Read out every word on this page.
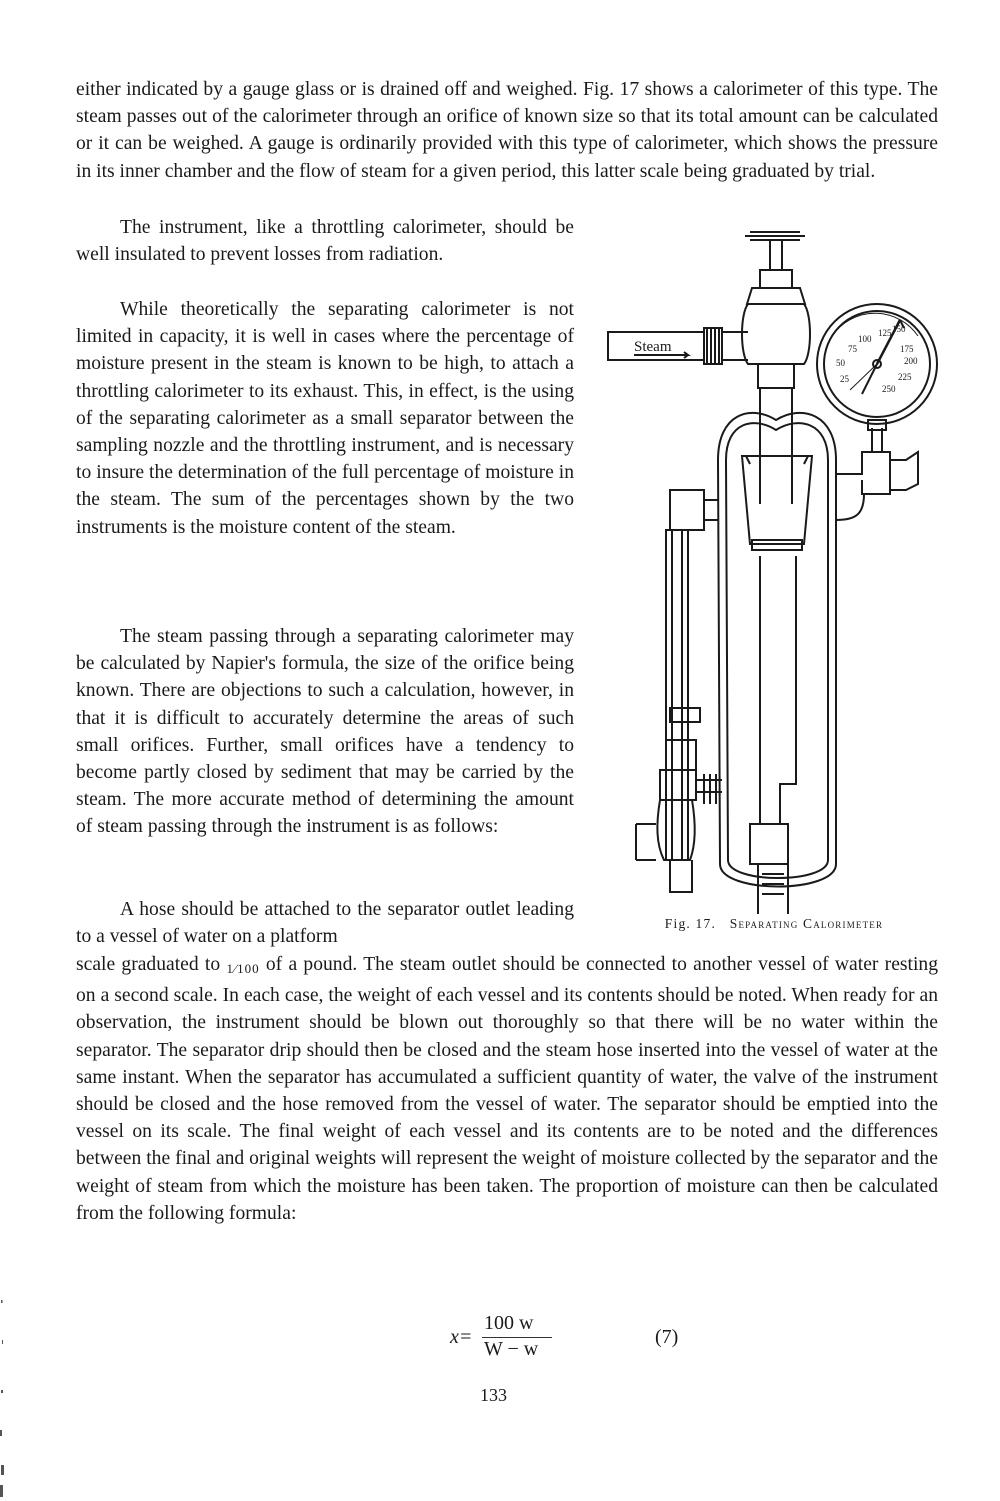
either indicated by a gauge glass or is drained off and weighed. Fig. 17 shows a calorimeter of this type. The steam passes out of the calorimeter through an orifice of known size so that its total amount can be calculated or it can be weighed. A gauge is ordinarily provided with this type of calorimeter, which shows the pressure in its inner chamber and the flow of steam for a given period, this latter scale being graduated by trial.

The instrument, like a throttling calorimeter, should be well insulated to prevent losses from radiation.

While theoretically the separating calorimeter is not limited in capacity, it is well in cases where the percentage of moisture present in the steam is known to be high, to attach a throttling calorimeter to its exhaust. This, in effect, is the using of the separating calorimeter as a small separator between the sampling nozzle and the throttling instrument, and is necessary to insure the determination of the full percentage of moisture in the steam. The sum of the percentages shown by the two instruments is the moisture content of the steam.

The steam passing through a separating calorimeter may be calculated by Napier's formula, the size of the orifice being known. There are objections to such a calculation, however, in that it is difficult to accurately determine the areas of such small orifices. Further, small orifices have a tendency to become partly closed by sediment that may be carried by the steam. The more accurate method of determining the amount of steam passing through the instrument is as follows:

A hose should be attached to the separator outlet leading to a vessel of water on a platform

scale graduated to 1⁄100 of a pound. The steam outlet should be connected to another vessel of water resting on a second scale. In each case, the weight of each vessel and its contents should be noted. When ready for an observation, the instrument should be blown out thoroughly so that there will be no water within the separator. The separator drip should then be closed and the steam hose inserted into the vessel of water at the same instant. When the separator has accumulated a sufficient quantity of water, the valve of the instrument should be closed and the hose removed from the vessel of water. The separator should be emptied into the vessel on its scale. The final weight of each vessel and its contents are to be noted and the differences between the final and original weights will represent the weight of moisture collected by the separator and the weight of steam from which the moisture has been taken. The proportion of moisture can then be calculated from the following formula:

Steam	75
100
125 150
175
200
225
250
50
25
Fig. 17. Separating Calorimeter
x=
100 w
W − w
(7)
133
